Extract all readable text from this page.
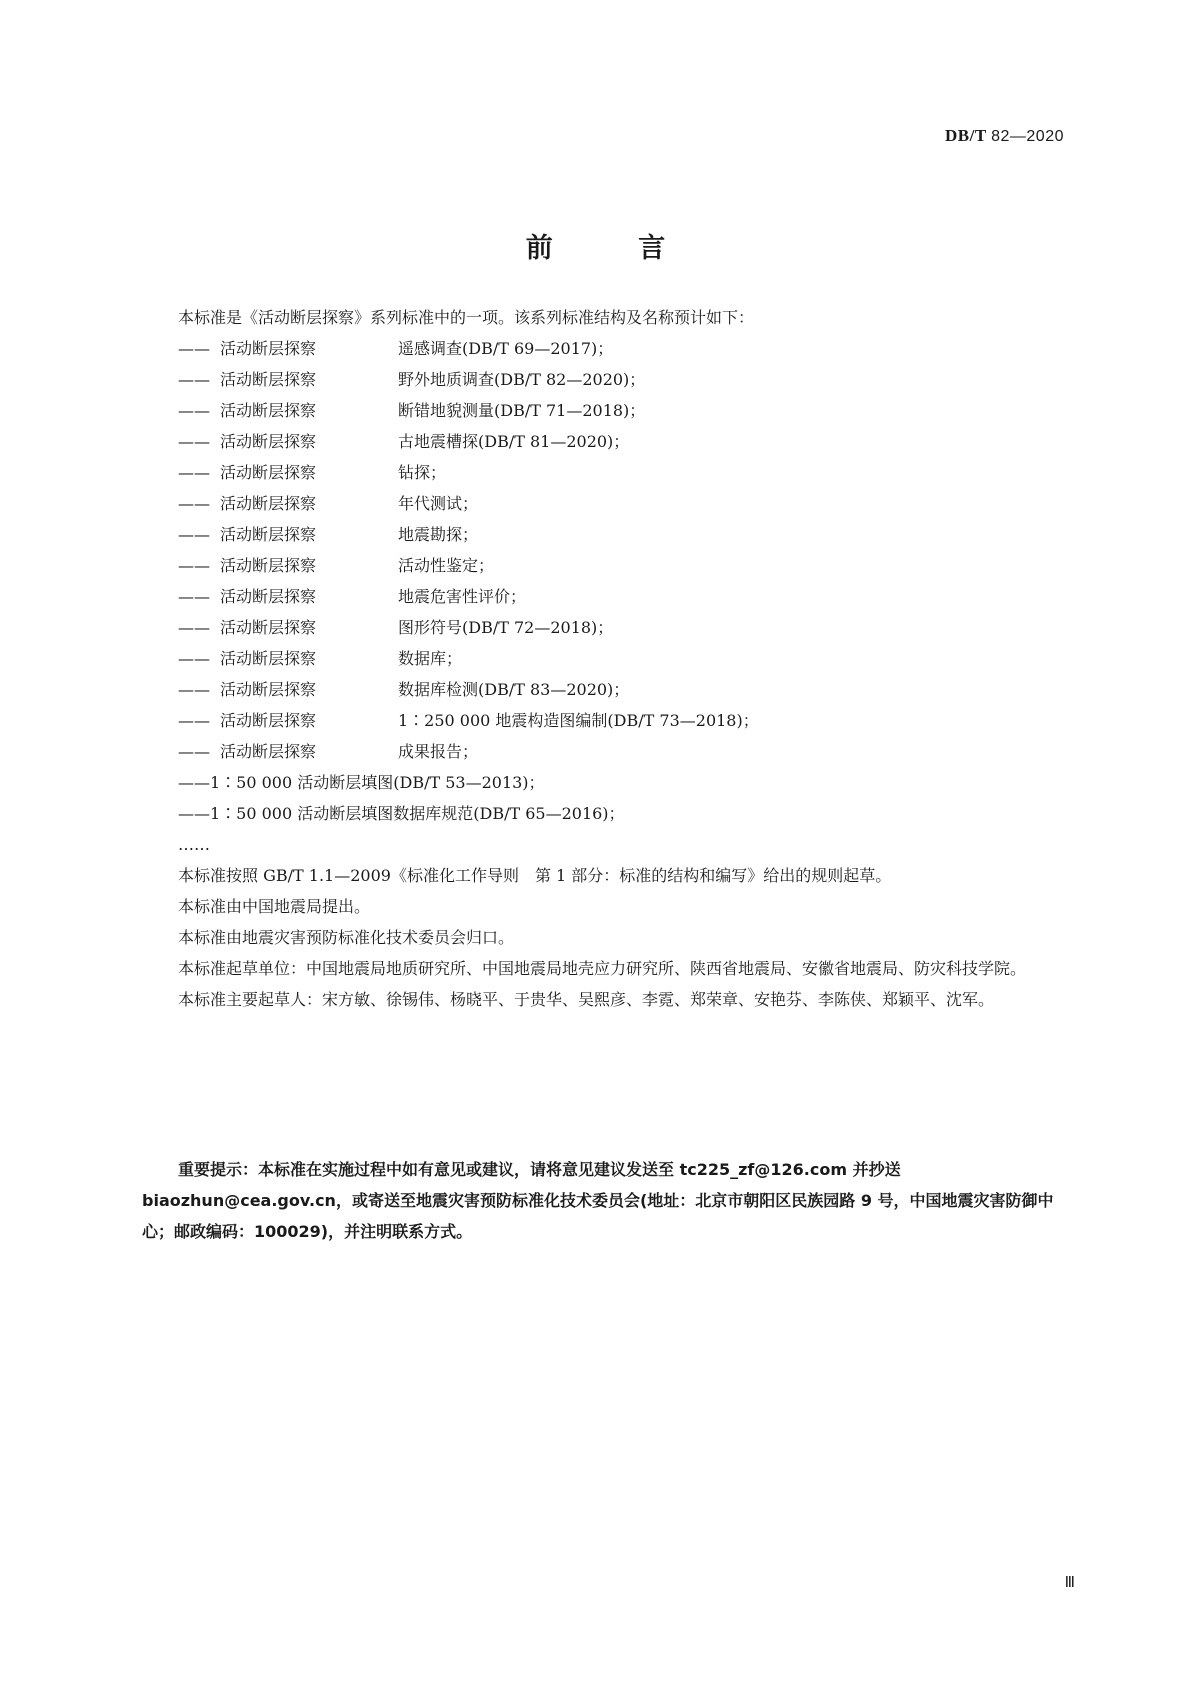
DB/T 82—2020
前 言
本标准是《活动断层探察》系列标准中的一项。该系列标准结构及名称预计如下：
—— 活动断层探察	遥感调查(DB/T 69—2017)；
—— 活动断层探察	野外地质调查(DB/T 82—2020)；
—— 活动断层探察	断错地貌测量(DB/T 71—2018)；
—— 活动断层探察	古地震槽探(DB/T 81—2020)；
—— 活动断层探察	钻探；
—— 活动断层探察	年代测试；
—— 活动断层探察	地震勘探；
—— 活动断层探察	活动性鉴定；
—— 活动断层探察	地震危害性评价；
—— 活动断层探察	图形符号(DB/T 72—2018)；
—— 活动断层探察	数据库；
—— 活动断层探察	数据库检测(DB/T 83—2020)；
—— 活动断层探察	1∶250 000 地震构造图编制(DB/T 73—2018)；
—— 活动断层探察	成果报告；
——1∶50 000 活动断层填图(DB/T 53—2013)；
——1∶50 000 活动断层填图数据库规范(DB/T 65—2016)；
……
本标准按照 GB/T 1.1—2009《标准化工作导则　第 1 部分：标准的结构和编写》给出的规则起草。
本标准由中国地震局提出。
本标准由地震灾害预防标准化技术委员会归口。
本标准起草单位：中国地震局地质研究所、中国地震局地壳应力研究所、陕西省地震局、安徽省地震局、防灾科技学院。
本标准主要起草人：宋方敏、徐锡伟、杨晓平、于贵华、吴熙彦、李霓、郑荣章、安艳芬、李陈侠、郑颖平、沈军。
重要提示：本标准在实施过程中如有意见或建议，请将意见建议发送至 tc225_zf@126.com 并抄送 biaozhun@cea.gov.cn，或寄送至地震灾害预防标准化技术委员会(地址：北京市朝阳区民族园路 9 号，中国地震灾害防御中心；邮政编码：100029)，并注明联系方式。
Ⅲ
